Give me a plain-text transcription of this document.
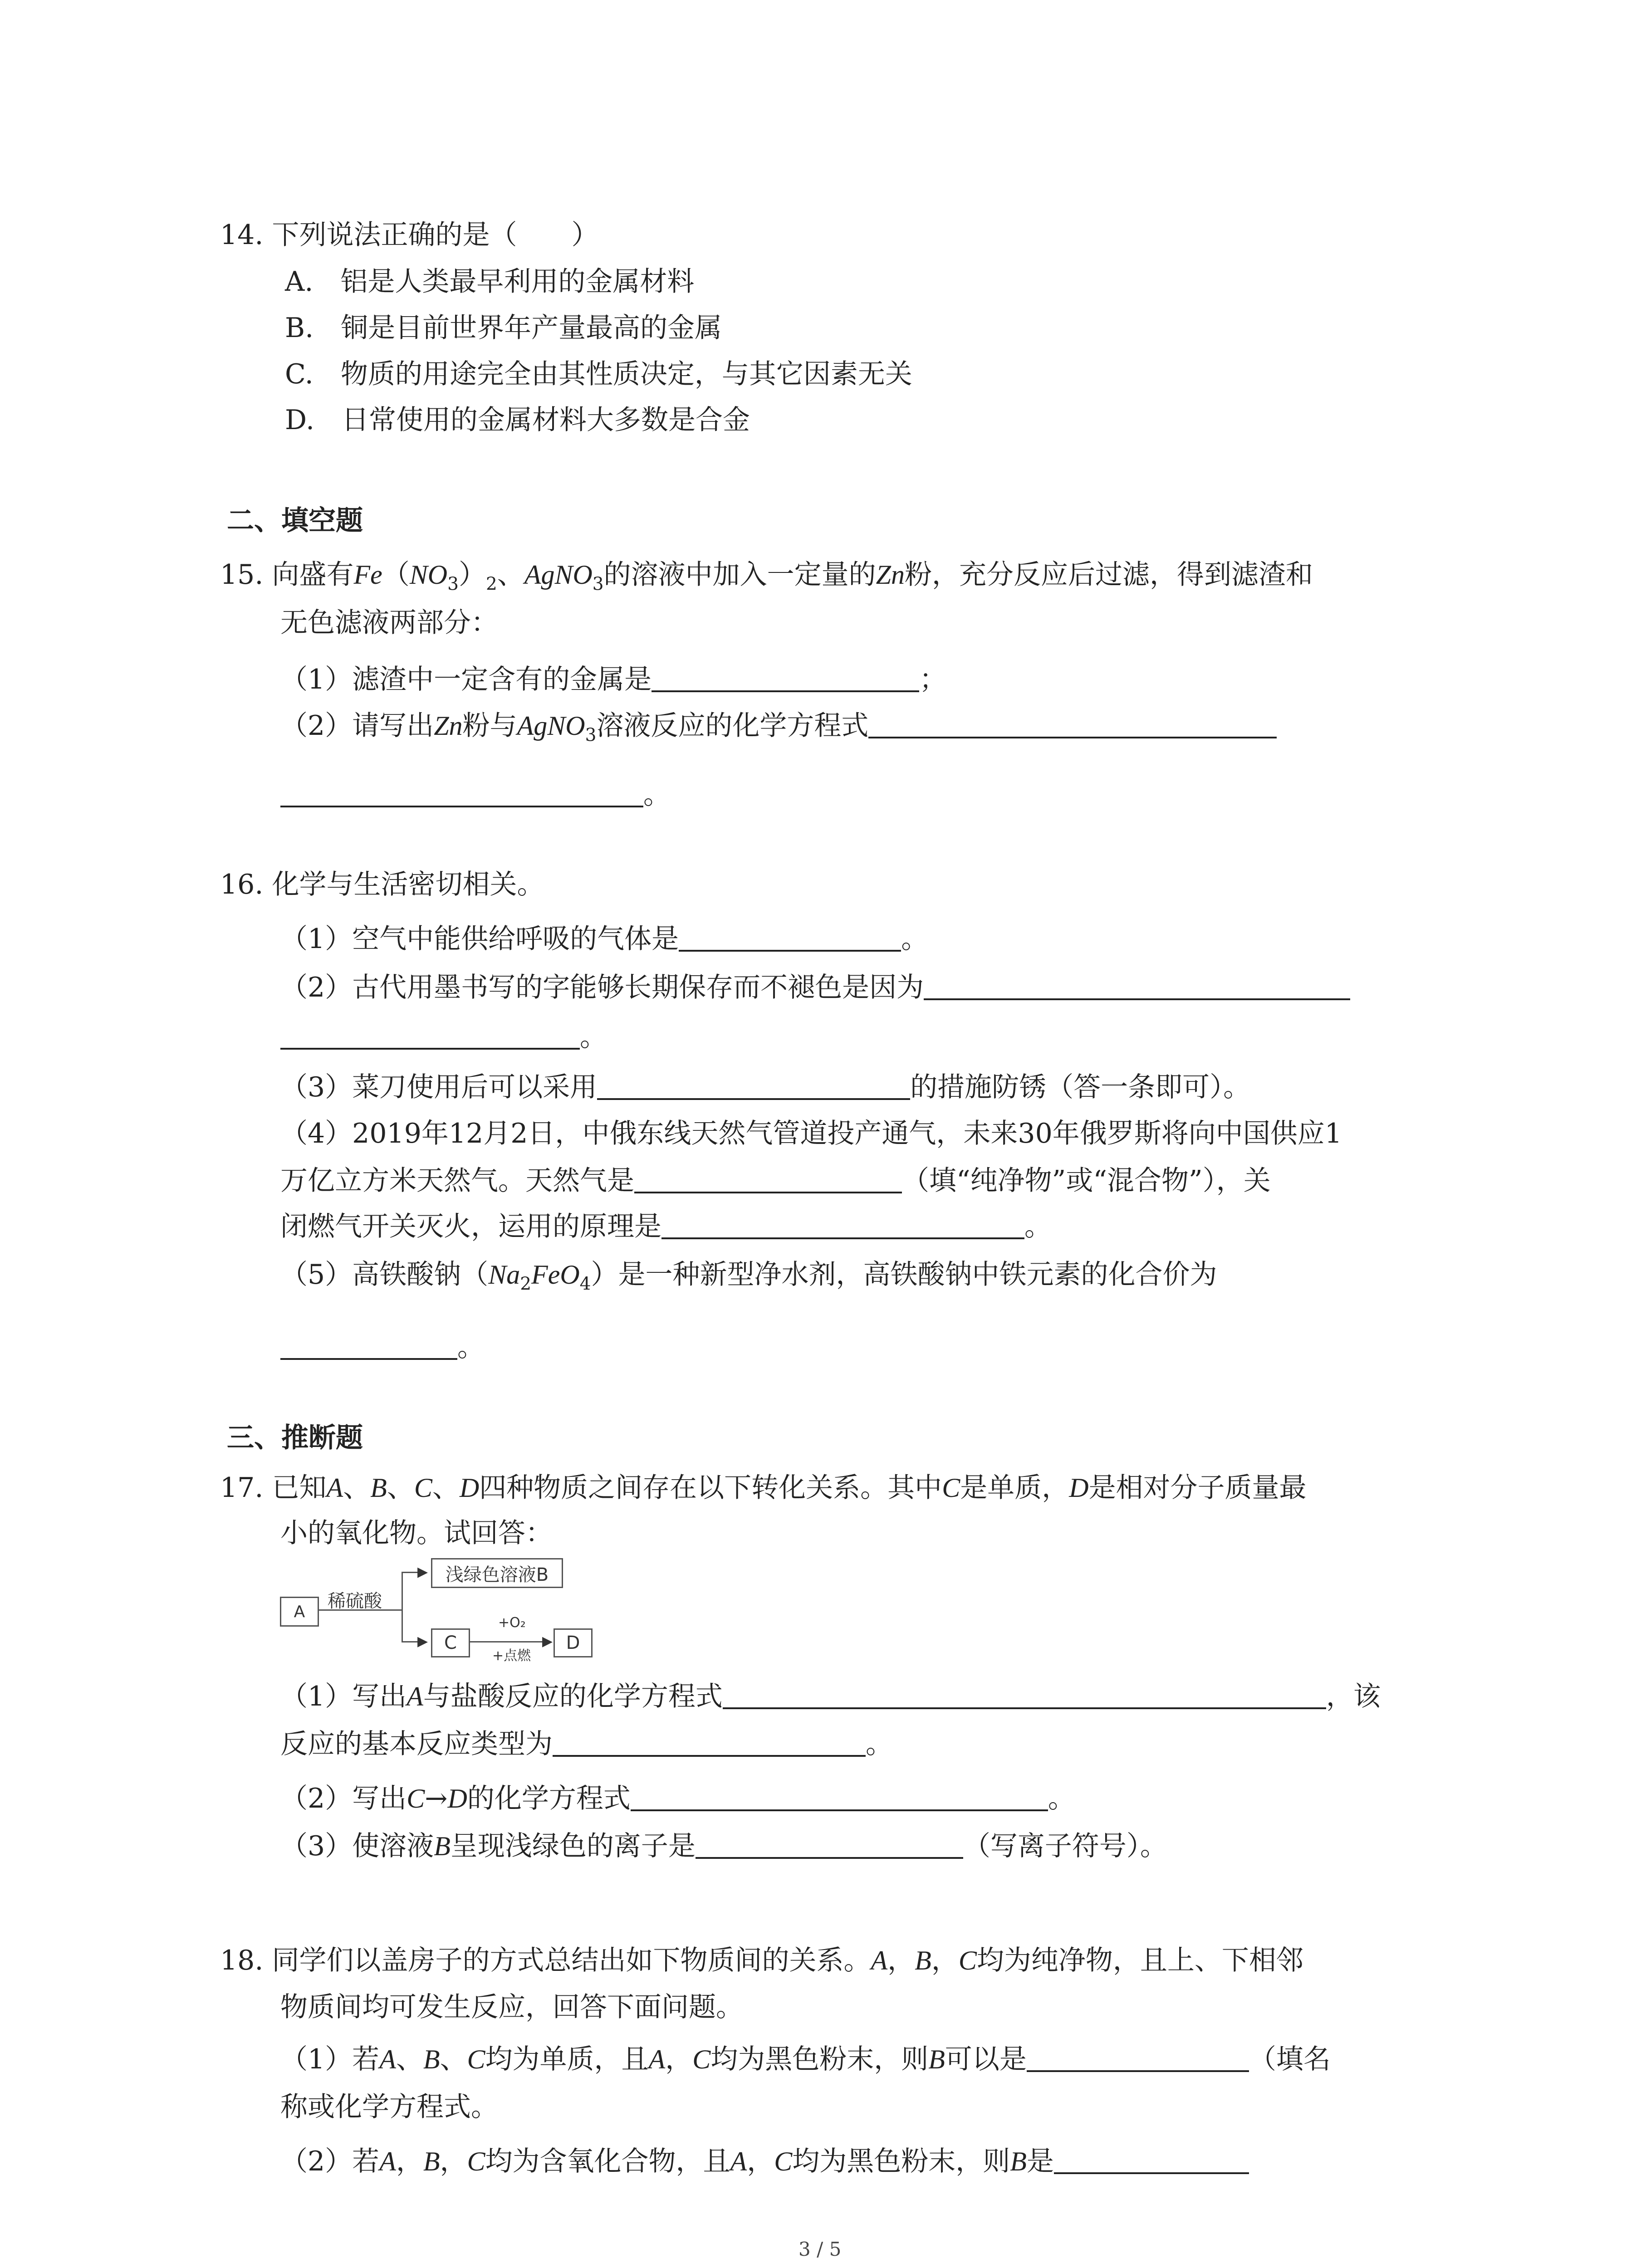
14. 下列说法正确的是（　　）
A.　 铝是人类最早利用的金属材料
B.　 铜是目前世界年产量最高的金属
C.　 物质的用途完全由其性质决定，与其它因素无关
D.　 日常使用的金属材料大多数是合金
二、填空题
15. 向盛有$Fe(NO_3)_2$、AgNO$_3$的溶液中加入一定量的Zn粉，充分反应后过滤，得到滤渣和
无色滤液两部分：
（1）滤渣中一定含有的金属是	；
（2）请写出Zn粉与AgNO$_3$溶液反应的化学方程式
。
16. 化学与生活密切相关。
（1）空气中能供给呼吸的气体是	。
（2）古代用墨书写的字能够长期保存而不褪色是因为
。
（3）菜刀使用后可以采用	的措施防锈（答一条即可）。
（4）2019年12月2日，中俄东线天然气管道投产通气，未来30年俄罗斯将向中国供应1
万亿立方米天然气。天然气是	（填“纯净物”或“混合物”），关
闭燃气开关灭火，运用的原理是	。
（5）高铁酸钠$(Na_2FeO_4)$是一种新型净水剂，高铁酸钠中铁元素的化合价为
。
三、推断题
17. 已知A、B、C、D四种物质之间存在以下转化关系。其中C是单质，D是相对分子质量最
小的氧化物。试回答：
A	稀硫酸
▶ 浅绿色溶液B
▶ C
+O₂
▶
+点燃
D
（1）写出A与盐酸反应的化学方程式	，该
反应的基本反应类型为	。
（2）写出C→D的化学方程式	。
（3）使溶液B呈现浅绿色的离子是	（写离子符号）。
18. 同学们以盖房子的方式总结出如下物质间的关系。A，B，C均为纯净物，且上、下相邻
物质间均可发生反应，回答下面问题。
（1）若A、B、C均为单质，且A，C均为黑色粉末，则B可以是	（填名
称或化学方程式。
（2）若A，B，C均为含氧化合物，且A，C均为黑色粉末，则B是
3 / 5
